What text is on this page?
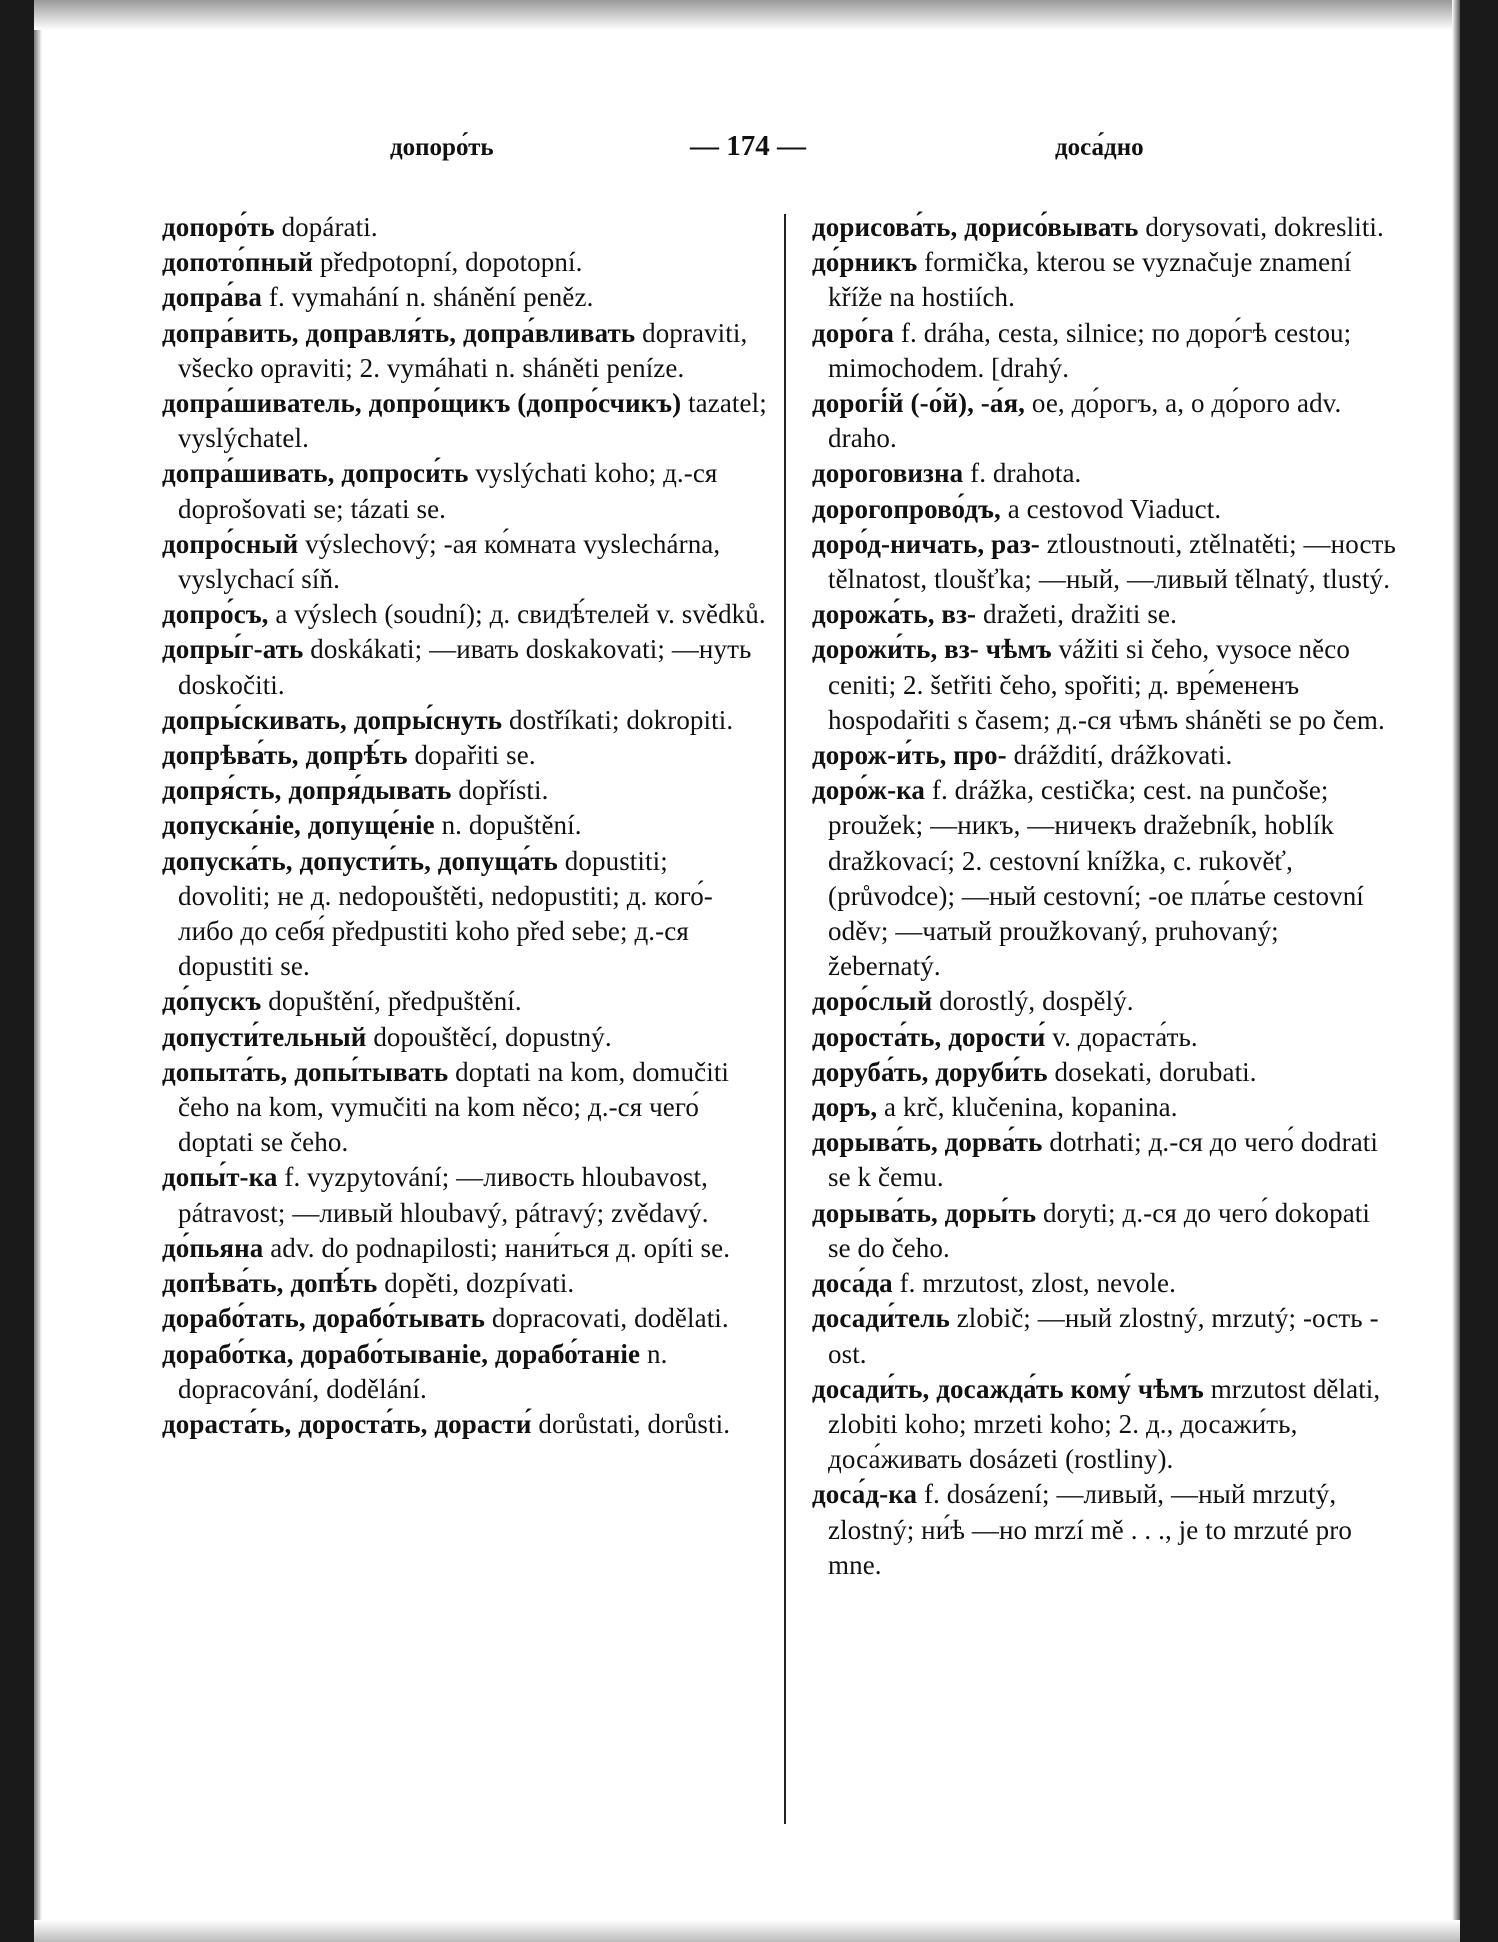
допоро́ть	— 174 —	доса́дно
допоро́ть dopárati.
допото́пный předpotopní, dopotopní.
допра́ва f. vymahání n. shánění peněz.
допра́вить, доправля́ть, допра́вливать dopraviti, všecko opraviti; 2. vymáhati n. sháněti peníze.
допра́шиватель, допро́щикъ (допро́счикъ) tazatel; vyslýchatel.
допра́шивать, допроси́ть vyslýchati koho; д.-ся doprošovati se; tázati se.
допро́сный výslechový; -ая ко́мната vyslechárna, vyslychací síň.
допро́съ, a výslech (soudní); д. свидѣ́телей v. svědků.
допры́г-ать doskákati; —ивать doskakovati; —нуть doskočiti.
допры́скивать, допры́снуть dostříkati; dokropiti.
допрѣва́ть, допрѣ́ть dopařiti se.
допря́сть, допря́дывать dopřísti.
допуска́нiе, допуще́нiе n. dopuštění.
допуска́ть, допусти́ть, допуща́ть dopustiti; dovoliti; не д. nedopouštěti, nedopustiti; д. кого́-либо до себя́ předpustiti koho před sebe; д.-ся dopustiti se.
до́пускъ dopuštění, předpuštění.
допусти́тельный dopouštěcí, dopustný.
допыта́ть, допы́тывать doptati na kom, domučiti čeho na kom, vymučiti na kom něco; д.-ся чего́ doptati se čeho.
допы́т-ка f. vyzpytování; —ливость hloubavost, pátravost; —ливый hloubavý, pátravý; zvědavý.
до́пьяна adv. do podnapilosti; нани́ться д. opíti se.
допѣва́ть, допѣ́ть dopěti, dozpívati.
дорабо́тать, дорабо́тывать dopracovati, dodělati.
дорабо́тка, дорабо́тыванiе, дорабо́танiе n. dopracování, dodělání.
дораста́ть, дороста́ть, дорасти́ dorůstati, dorůsti.
дорисова́ть, дорисо́вывать dorysovati, dokresliti.
до́рникъ formička, kterou se vyznačuje znamení kříže na hostiích.
доро́га f. dráha, cesta, silnice; по доро́гѣ cestou; mimochodem. [drahý.
дорогі́й (-о́й), -а́я, ое, до́рогъ, а, о до́рого adv. draho.
дороговизна f. drahota.
дорогопрово́дъ, a cestovod Viaduct.
доро́д-ничать, раз- ztloustnouti, ztělnatěti; —ность tělnatost, tloušťka; —ный, —ливый tělnatý, tlustý.
дорожа́ть, вз- dražeti, dražiti se.
дорожи́ть, вз- чѣмъ vážiti si čeho, vysoce něco ceniti; 2. šetřiti čeho, spořiti; д. вре́мененъ hospodařiti s časem; д.-ся чѣмъ sháněti se po čem.
дорож-и́ть, про- dráždití, drážkovati.
доро́ж-ка f. drážka, cestička; cest. na punčoše; proužek; —никъ, —ничекъ dražebník, hoblík dražkovací; 2. cestovní knížka, c. rukověť, (průvodce); —ный cestovní; -ое пла́тье cestovní oděv; —чатый proužkovaný, pruhovaný; žebernatý.
доро́слый dorostlý, dospělý.
дороста́ть, дорости́ v. дораста́ть.
доруба́ть, доруби́ть dosekati, dorubati.
доръ, a krč, klučenina, kopanina.
дорыва́ть, дорва́ть dotrhati; д.-ся до чего́ dodrati se k čemu.
дорыва́ть, доры́ть doryti; д.-ся до чего́ dokopati se do čeho.
доса́да f. mrzutost, zlost, nevole.
досади́тель zlobič; —ный zlostný, mrzutý; -ость -ost.
досади́ть, досажда́ть кому́ чѣмъ mrzutost dělati, zlobiti koho; mrzeti koho; 2. д., досажи́ть, доса́живать dosázeti (rostliny).
доса́д-ка f. dosázení; —ливый, —ный mrzutý, zlostný; ни́ѣ —но mrzí mě . . ., je to mrzuté pro mne.
